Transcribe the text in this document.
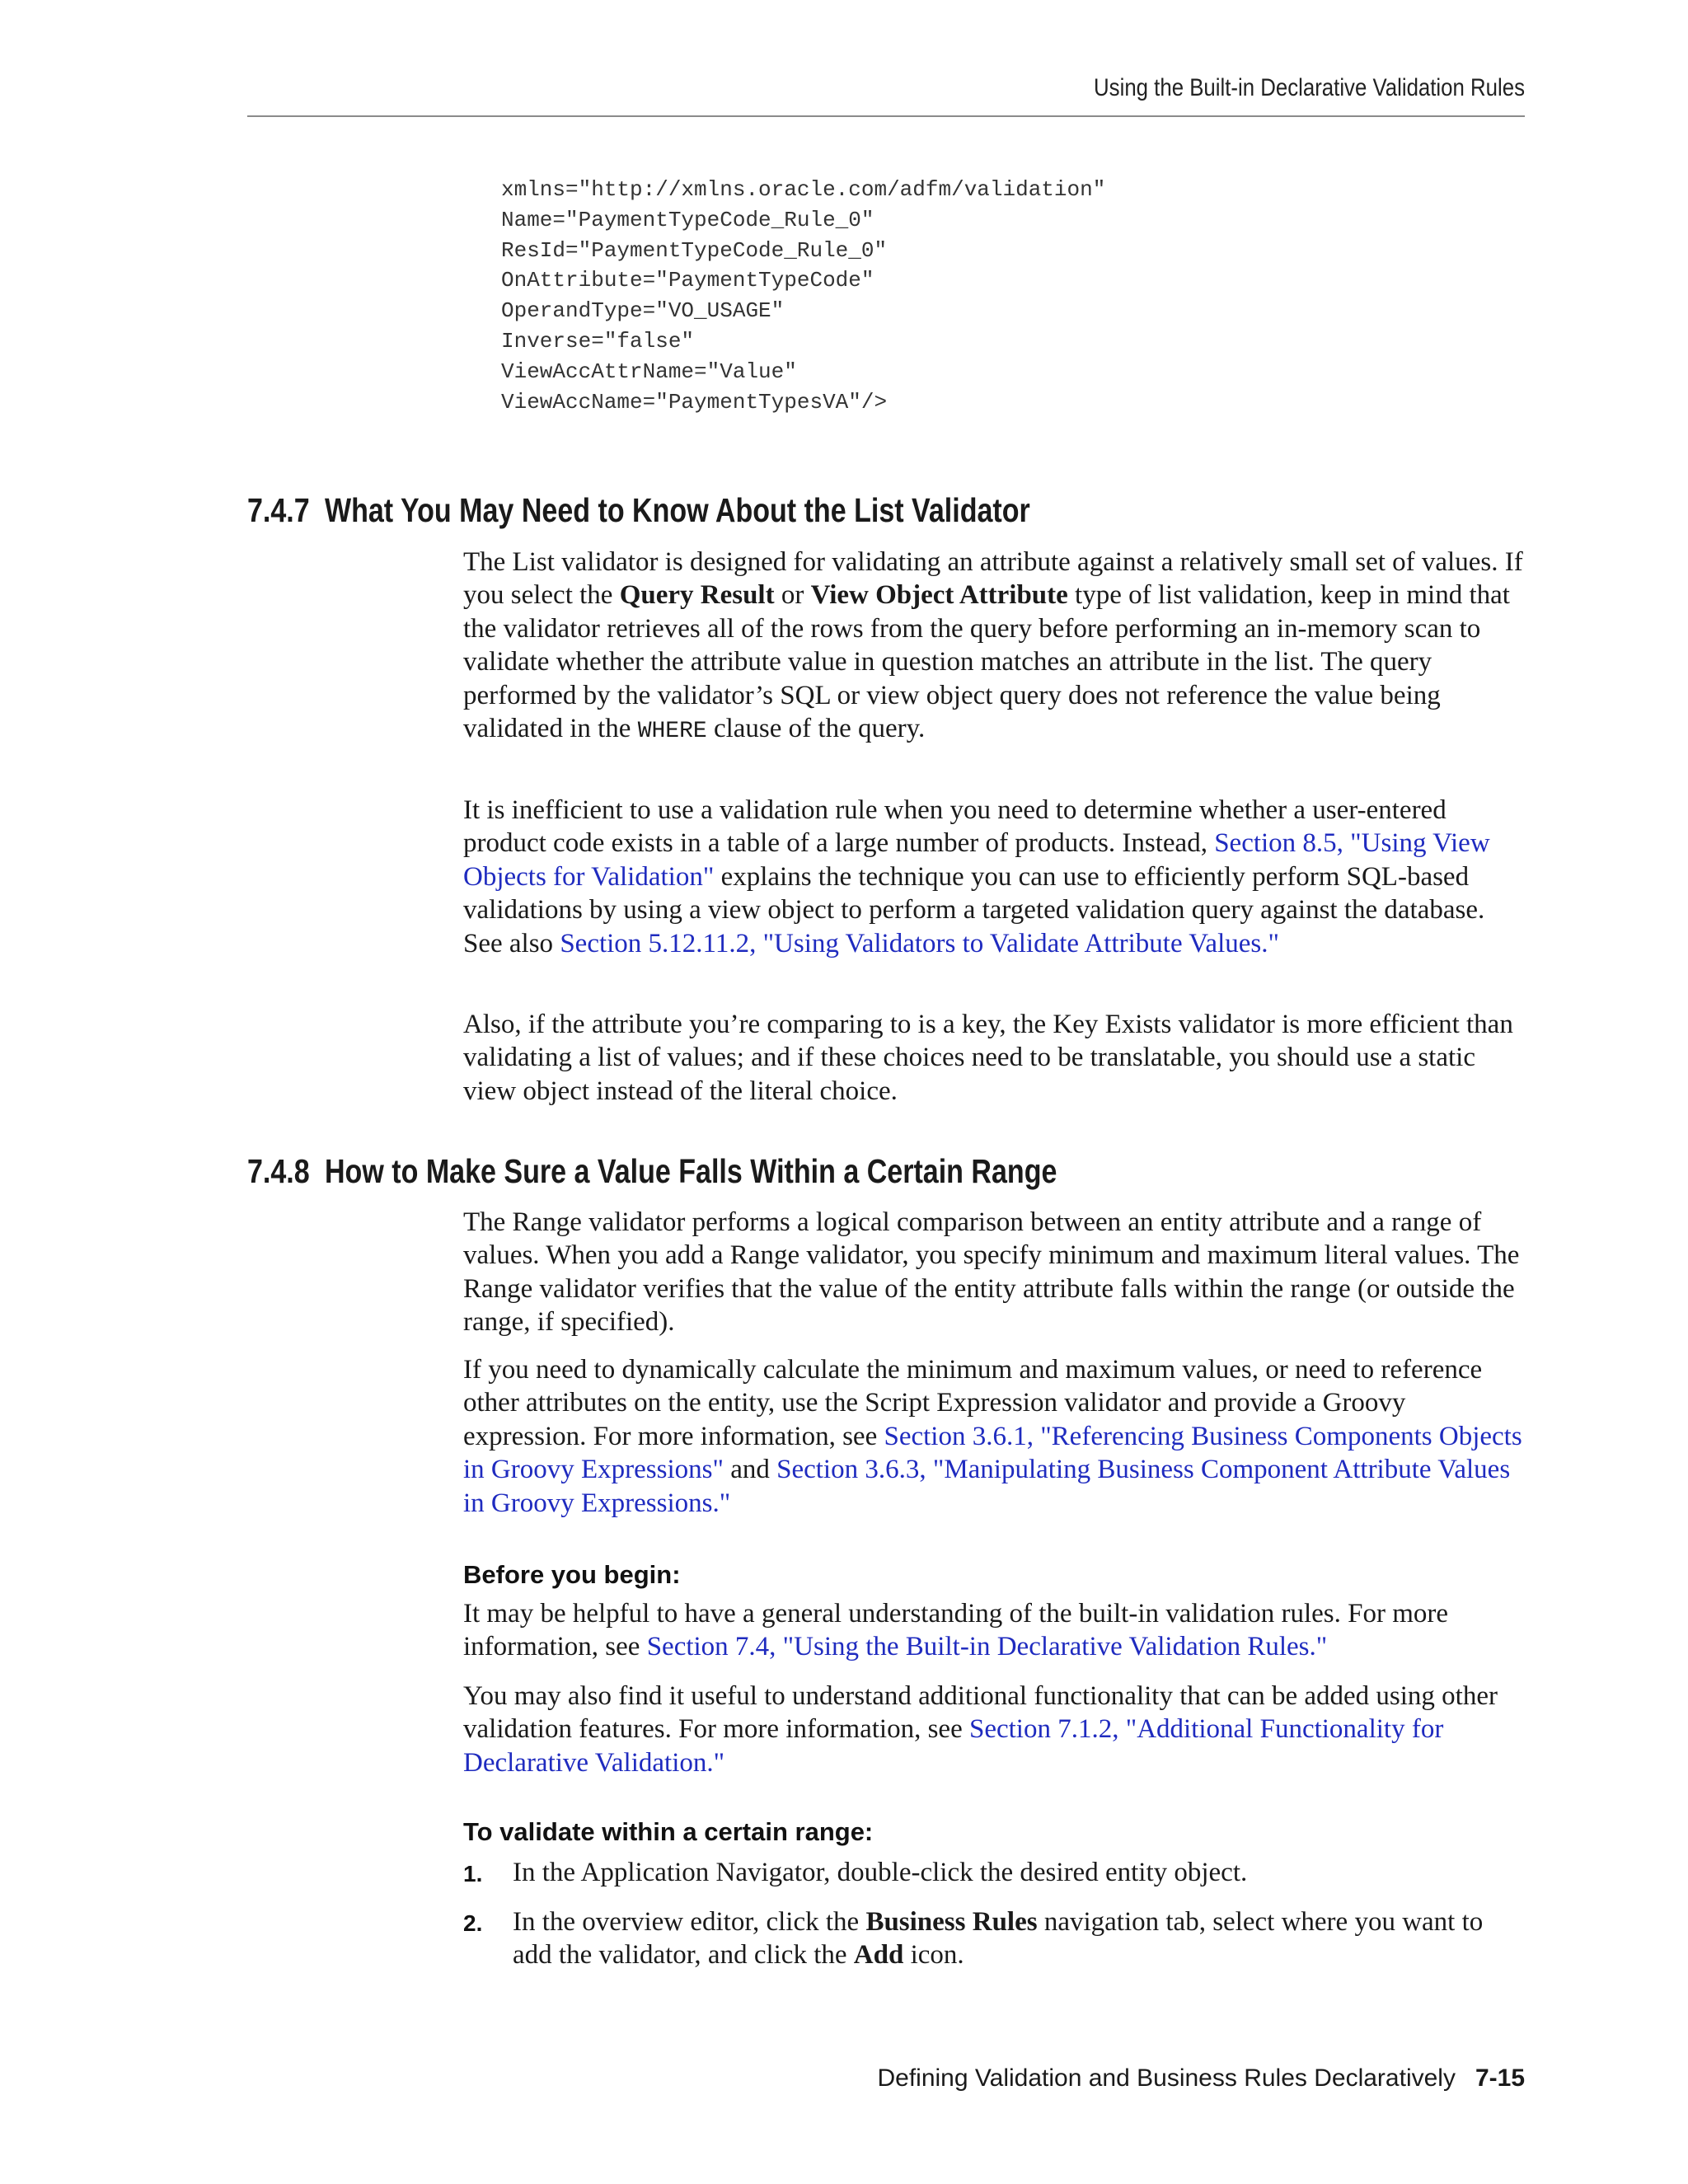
Using the Built-in Declarative Validation Rules
xmlns="http://xmlns.oracle.com/adfm/validation"
Name="PaymentTypeCode_Rule_0"
ResId="PaymentTypeCode_Rule_0"
OnAttribute="PaymentTypeCode"
OperandType="VO_USAGE"
Inverse="false"
ViewAccAttrName="Value"
ViewAccName="PaymentTypesVA"/>
7.4.7 What You May Need to Know About the List Validator

The List validator is designed for validating an attribute against a relatively small set of values. If you select the Query Result or View Object Attribute type of list validation, keep in mind that the validator retrieves all of the rows from the query before performing an in-memory scan to validate whether the attribute value in question matches an attribute in the list. The query performed by the validator’s SQL or view object query does not reference the value being validated in the WHERE clause of the query.

It is inefficient to use a validation rule when you need to determine whether a user-entered product code exists in a table of a large number of products. Instead, Section 8.5, "Using View Objects for Validation" explains the technique you can use to efficiently perform SQL-based validations by using a view object to perform a targeted validation query against the database. See also Section 5.12.11.2, "Using Validators to Validate Attribute Values."

Also, if the attribute you’re comparing to is a key, the Key Exists validator is more efficient than validating a list of values; and if these choices need to be translatable, you should use a static view object instead of the literal choice.

7.4.8 How to Make Sure a Value Falls Within a Certain Range

The Range validator performs a logical comparison between an entity attribute and a range of values. When you add a Range validator, you specify minimum and maximum literal values. The Range validator verifies that the value of the entity attribute falls within the range (or outside the range, if specified).

If you need to dynamically calculate the minimum and maximum values, or need to reference other attributes on the entity, use the Script Expression validator and provide a Groovy expression. For more information, see Section 3.6.1, "Referencing Business Components Objects in Groovy Expressions" and Section 3.6.3, "Manipulating Business Component Attribute Values in Groovy Expressions."

Before you begin:

It may be helpful to have a general understanding of the built-in validation rules. For more information, see Section 7.4, "Using the Built-in Declarative Validation Rules."

You may also find it useful to understand additional functionality that can be added using other validation features. For more information, see Section 7.1.2, "Additional Functionality for Declarative Validation."

To validate within a certain range:
1. In the Application Navigator, double-click the desired entity object.

2. In the overview editor, click the Business Rules navigation tab, select where you want to add the validator, and click the Add icon.

Defining Validation and Business Rules Declaratively 7-15
